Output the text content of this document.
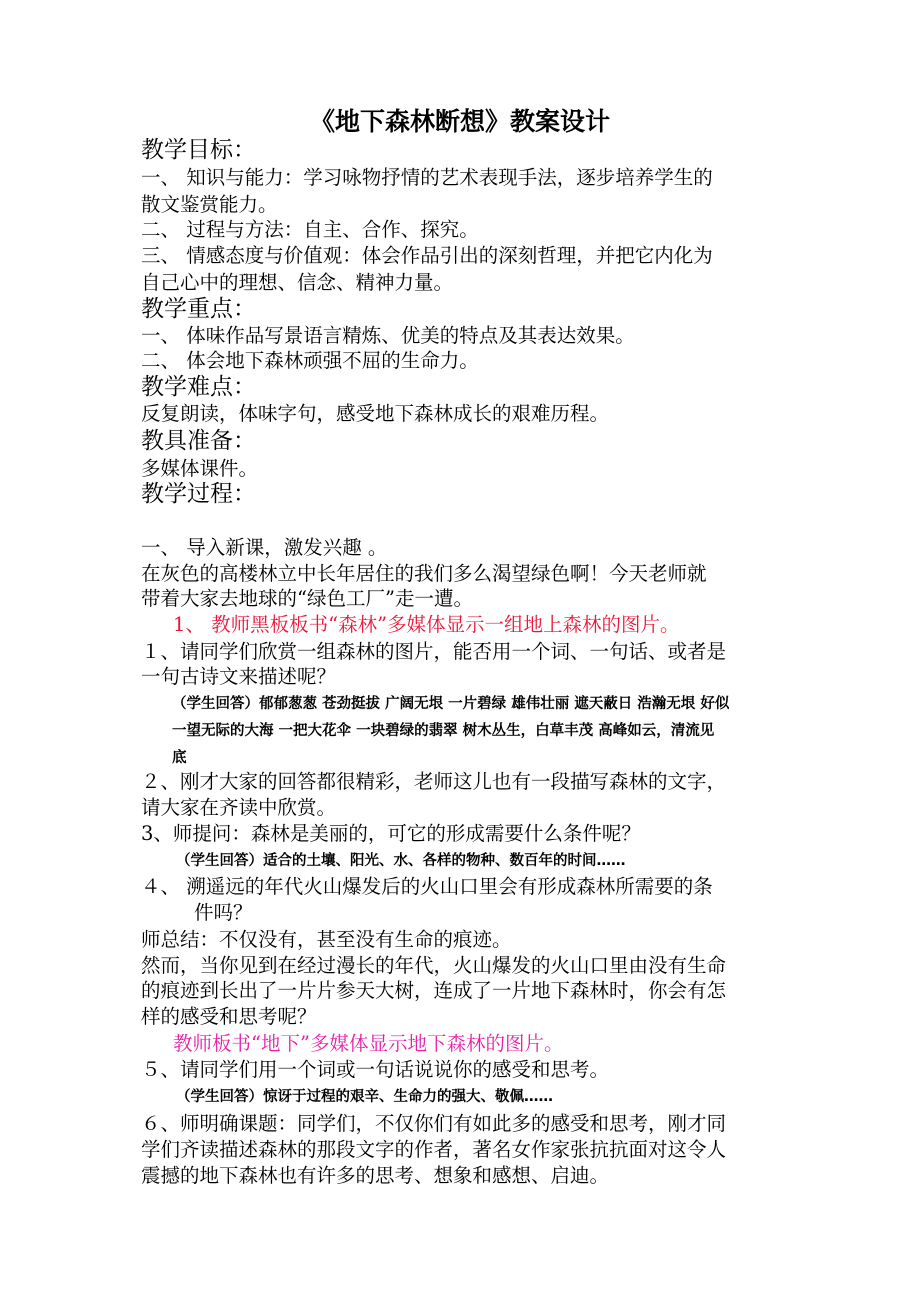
《地下森林断想》教案设计
教学目标：
一、 知识与能力：学习咏物抒情的艺术表现手法，逐步培养学生的
散文鉴赏能力。
二、 过程与方法：自主、合作、探究。
三、 情感态度与价值观：体会作品引出的深刻哲理，并把它内化为
自己心中的理想、信念、精神力量。
教学重点：
一、 体味作品写景语言精炼、优美的特点及其表达效果。
二、 体会地下森林顽强不屈的生命力。
教学难点：
反复朗读，体味字句，感受地下森林成长的艰难历程。
教具准备：
多媒体课件。
教学过程：
一、 导入新课，激发兴趣 。
在灰色的高楼林立中长年居住的我们多么渴望绿色啊！今天老师就
带着大家去地球的“绿色工厂”走一遭。
1、 教师黑板板书“森林”多媒体显示一组地上森林的图片。
１、请同学们欣赏一组森林的图片，能否用一个词、一句话、或者是
一句古诗文来描述呢？
（学生回答）郁郁葱葱 苍劲挺拔 广阔无垠 一片碧绿 雄伟壮丽 遮天蔽日 浩瀚无垠 好似
一望无际的大海 一把大花伞 一块碧绿的翡翠 树木丛生，白草丰茂 高峰如云，清流见
底
２、刚才大家的回答都很精彩，老师这儿也有一段描写森林的文字，
请大家在齐读中欣赏。
3、师提问：森林是美丽的，可它的形成需要什么条件呢？
（学生回答）适合的土壤、阳光、水、各样的物种、数百年的时间……
４、 溯遥远的年代火山爆发后的火山口里会有形成森林所需要的条
件吗？
师总结：不仅没有，甚至没有生命的痕迹。
然而，当你见到在经过漫长的年代，火山爆发的火山口里由没有生命
的痕迹到长出了一片片参天大树，连成了一片地下森林时，你会有怎
样的感受和思考呢？
教师板书“地下”多媒体显示地下森林的图片。
５、请同学们用一个词或一句话说说你的感受和思考。
（学生回答）惊讶于过程的艰辛、生命力的强大、敬佩……
６、师明确课题：同学们，不仅你们有如此多的感受和思考，刚才同
学们齐读描述森林的那段文字的作者，著名女作家张抗抗面对这令人
震撼的地下森林也有许多的思考、想象和感想、启迪。
